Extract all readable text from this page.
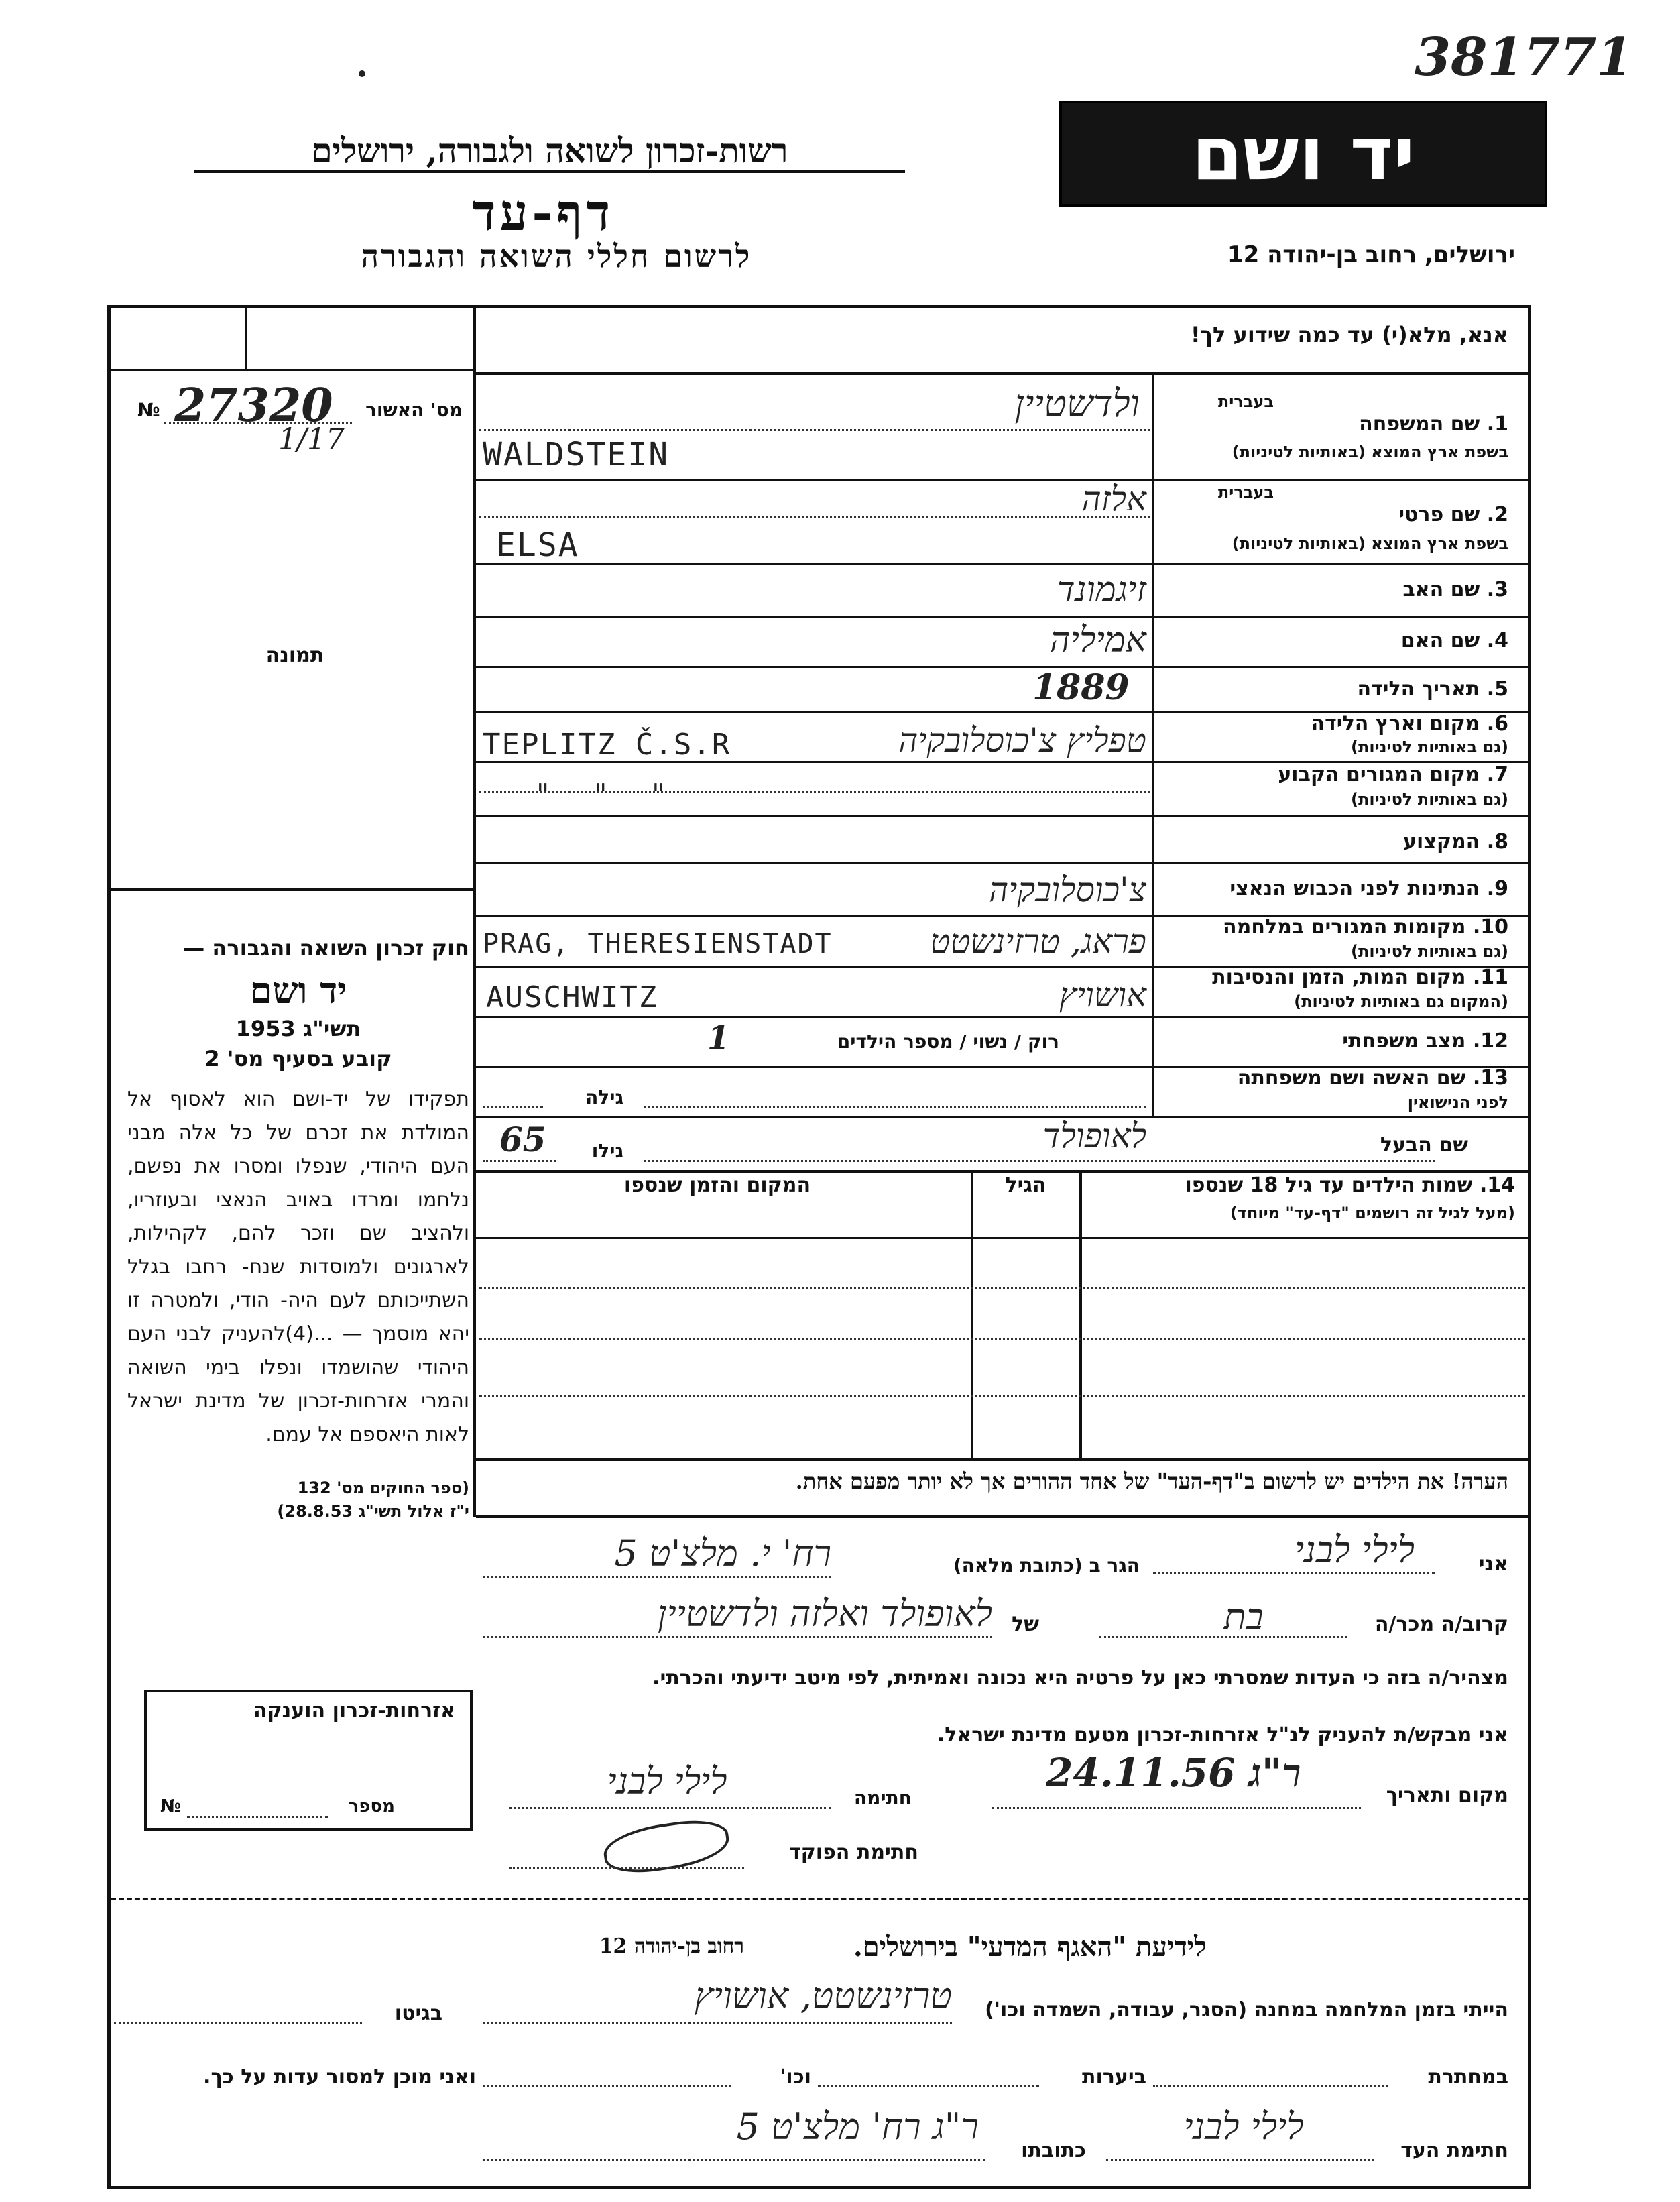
381771
רשות-זכרון לשואה ולגבורה, ירושלים
דף-עד
לרשום חללי השואה והגבורה
יד ושם
ירושלים, רחוב בן-יהודה 12
אנא, מלא(י) עד כמה שידוע לך!
№ 27320
1/17
מס' האשור
תמונה
חוק זכרון השואה והגבורה —
יד ושם
תשי"ג 1953
קובע בסעיף מס' 2
תפקידו של יד-ושם הוא לאסוף אל המולדת את זכרם של כל אלה מבני העם היהודי, שנפלו ומסרו את נפשם, נלחמו ומרדו באויב הנאצי ובעוזריו, ולהציב שם וזכר להם, לקהילות, לארגונים ולמוסדות שנח- רחבו בגלל השתייכותם לעם היה- הודי, ולמטרה זו יהא מוסמך — ...(4)להעניק לבני העם היהודי שהושמדו ונפלו בימי השואה והמרי אזרחות-זכרון של מדינת ישראל לאות היאספם אל עמם.
(ספר החוקים מס' 132
י"ז אלול תשי"ג 28.8.53)
אזרחות-זכרון הוענקה
№	מספר
בעברית
1. שם המשפחה
בשפת ארץ המוצא (באותיות לטיניות)
ולדשטיין
WALDSTEIN
בעברית
2. שם פרטי
בשפת ארץ המוצא (באותיות לטיניות)
אלזה
ELSA
3. שם האב
זיגמונד
4. שם האם
אמיליה
5. תאריך הלידה
1889
6. מקום וארץ הלידה
(גם באותיות לטיניות)
טפליץ צ'כוסלובקיה
TEPLITZ Č.S.R
7. מקום המגורים הקבוע
(גם באותיות לטיניות)
"     "     "
8. המקצוע
9. הנתינות לפני הכבוש הנאצי
צ'כוסלובקיה
10. מקומות המגורים במלחמה
(גם באותיות לטיניות)
פראג, טרזינשטט
PRAG, THERESIENSTADT
11. מקום המות, הזמן והנסיבות
(המקום גם באותיות לטיניות)
אושויץ
AUSCHWITZ
12. מצב משפחתי
רוק / נשוי / מספר הילדים
1
13. שם האשה ושם משפחתה
לפני הנישואין
גילה
שם הבעל
לאופולד
גילו
65
14. שמות הילדים עד גיל 18 שנספו
(מעל לגיל זה רושמים "דף-עד" מיוחד)
הגיל
המקום והזמן שנספו
הערה! את הילדים יש לרשום ב"דף-העד" של אחד ההורים אך לא יותר מפעם אחת.
אני
לילי לבני
הגר ב (כתובת מלאה)
רח' י. מלצ'ט 5
קרוב/ה מכר/ה
בת
של
לאופולד ואלזה ולדשטיין
מצהיר/ה בזה כי העדות שמסרתי כאן על פרטיה היא נכונה ואמיתית, לפי מיטב ידיעתי והכרתי.
אני מבקש/ת להעניק לנ"ל אזרחות-זכרון מטעם מדינת ישראל.
מקום ותאריך
ר"ג 24.11.56
חתימה
לילי לבני
חתימת הפוקד
לידיעת "האגף המדעי" בירושלים.
רחוב בן-יהודה 12
הייתי בזמן המלחמה במחנה (הסגר, עבודה, השמדה וכו')
טרזינשטט, אושויץ
בגיטו
במחתרת
ביערות
וכו'
ואני מוכן למסור עדות על כך.
חתימת העד
לילי לבני
כתובתו
ר"ג רח' מלצ'ט 5
